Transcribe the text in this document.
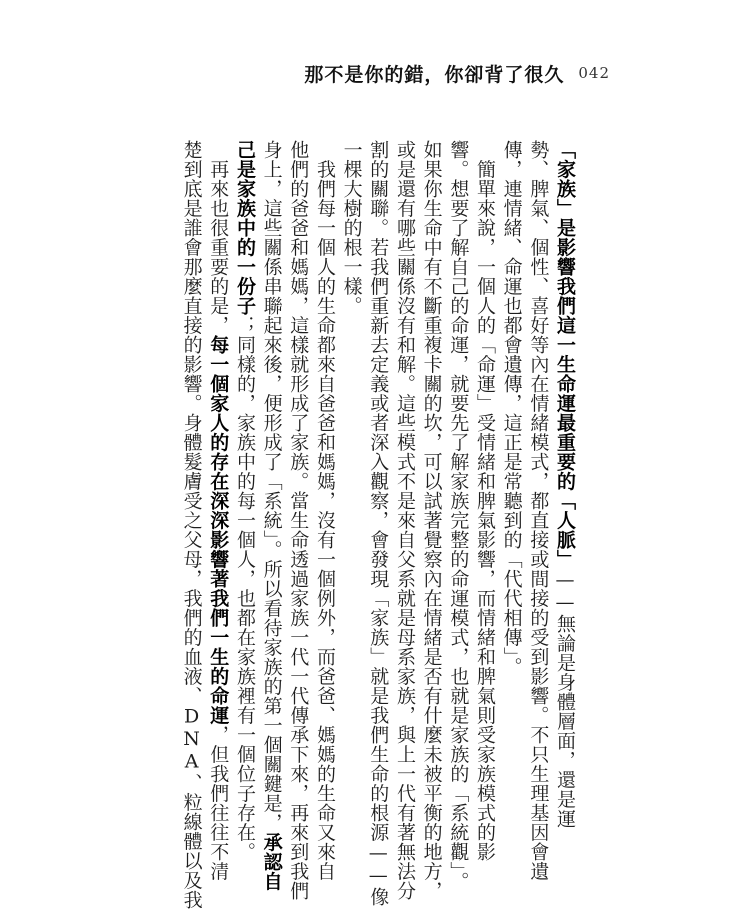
那不是你的錯，你卻背了很久 042
「家族」是影響我們這一生命運最重要的「人脈」——無論是身體層面，還是運
勢、脾氣、個性、喜好等內在情緒模式，都直接或間接的受到影響。不只生理基因會遺
傳，連情緒、命運也都會遺傳，這正是常聽到的「代代相傳」。
　簡單來說，一個人的「命運」受情緒和脾氣影響，而情緒和脾氣則受家族模式的影
響。想要了解自己的命運，就要先了解家族完整的命運模式，也就是家族的「系統觀」。
如果你生命中有不斷重複卡關的坎，可以試著覺察內在情緒是否有什麼未被平衡的地方，
或是還有哪些關係沒有和解。這些模式不是來自父系就是母系家族，與上一代有著無法分
割的關聯。若我們重新去定義或者深入觀察，會發現「家族」就是我們生命的根源——像
一棵大樹的根一樣。
　我們每一個人的生命都來自爸爸和媽媽，沒有一個例外，而爸爸、媽媽的生命又來自
他們的爸爸和媽媽，這樣就形成了家族。當生命透過家族一代一代傳承下來，再來到我們
身上，這些關係串聯起來後，便形成了「系統」。所以看待家族的第一個關鍵是，承認自
己是家族中的一份子；同樣的，家族中的每一個人，也都在家族裡有一個位子存在。
　再來也很重要的是，每一個家人的存在深深影響著我們一生的命運，但我們往往不清
楚到底是誰會那麼直接的影響。身體髮膚受之父母，我們的血液、DNA、粒線體以及我
